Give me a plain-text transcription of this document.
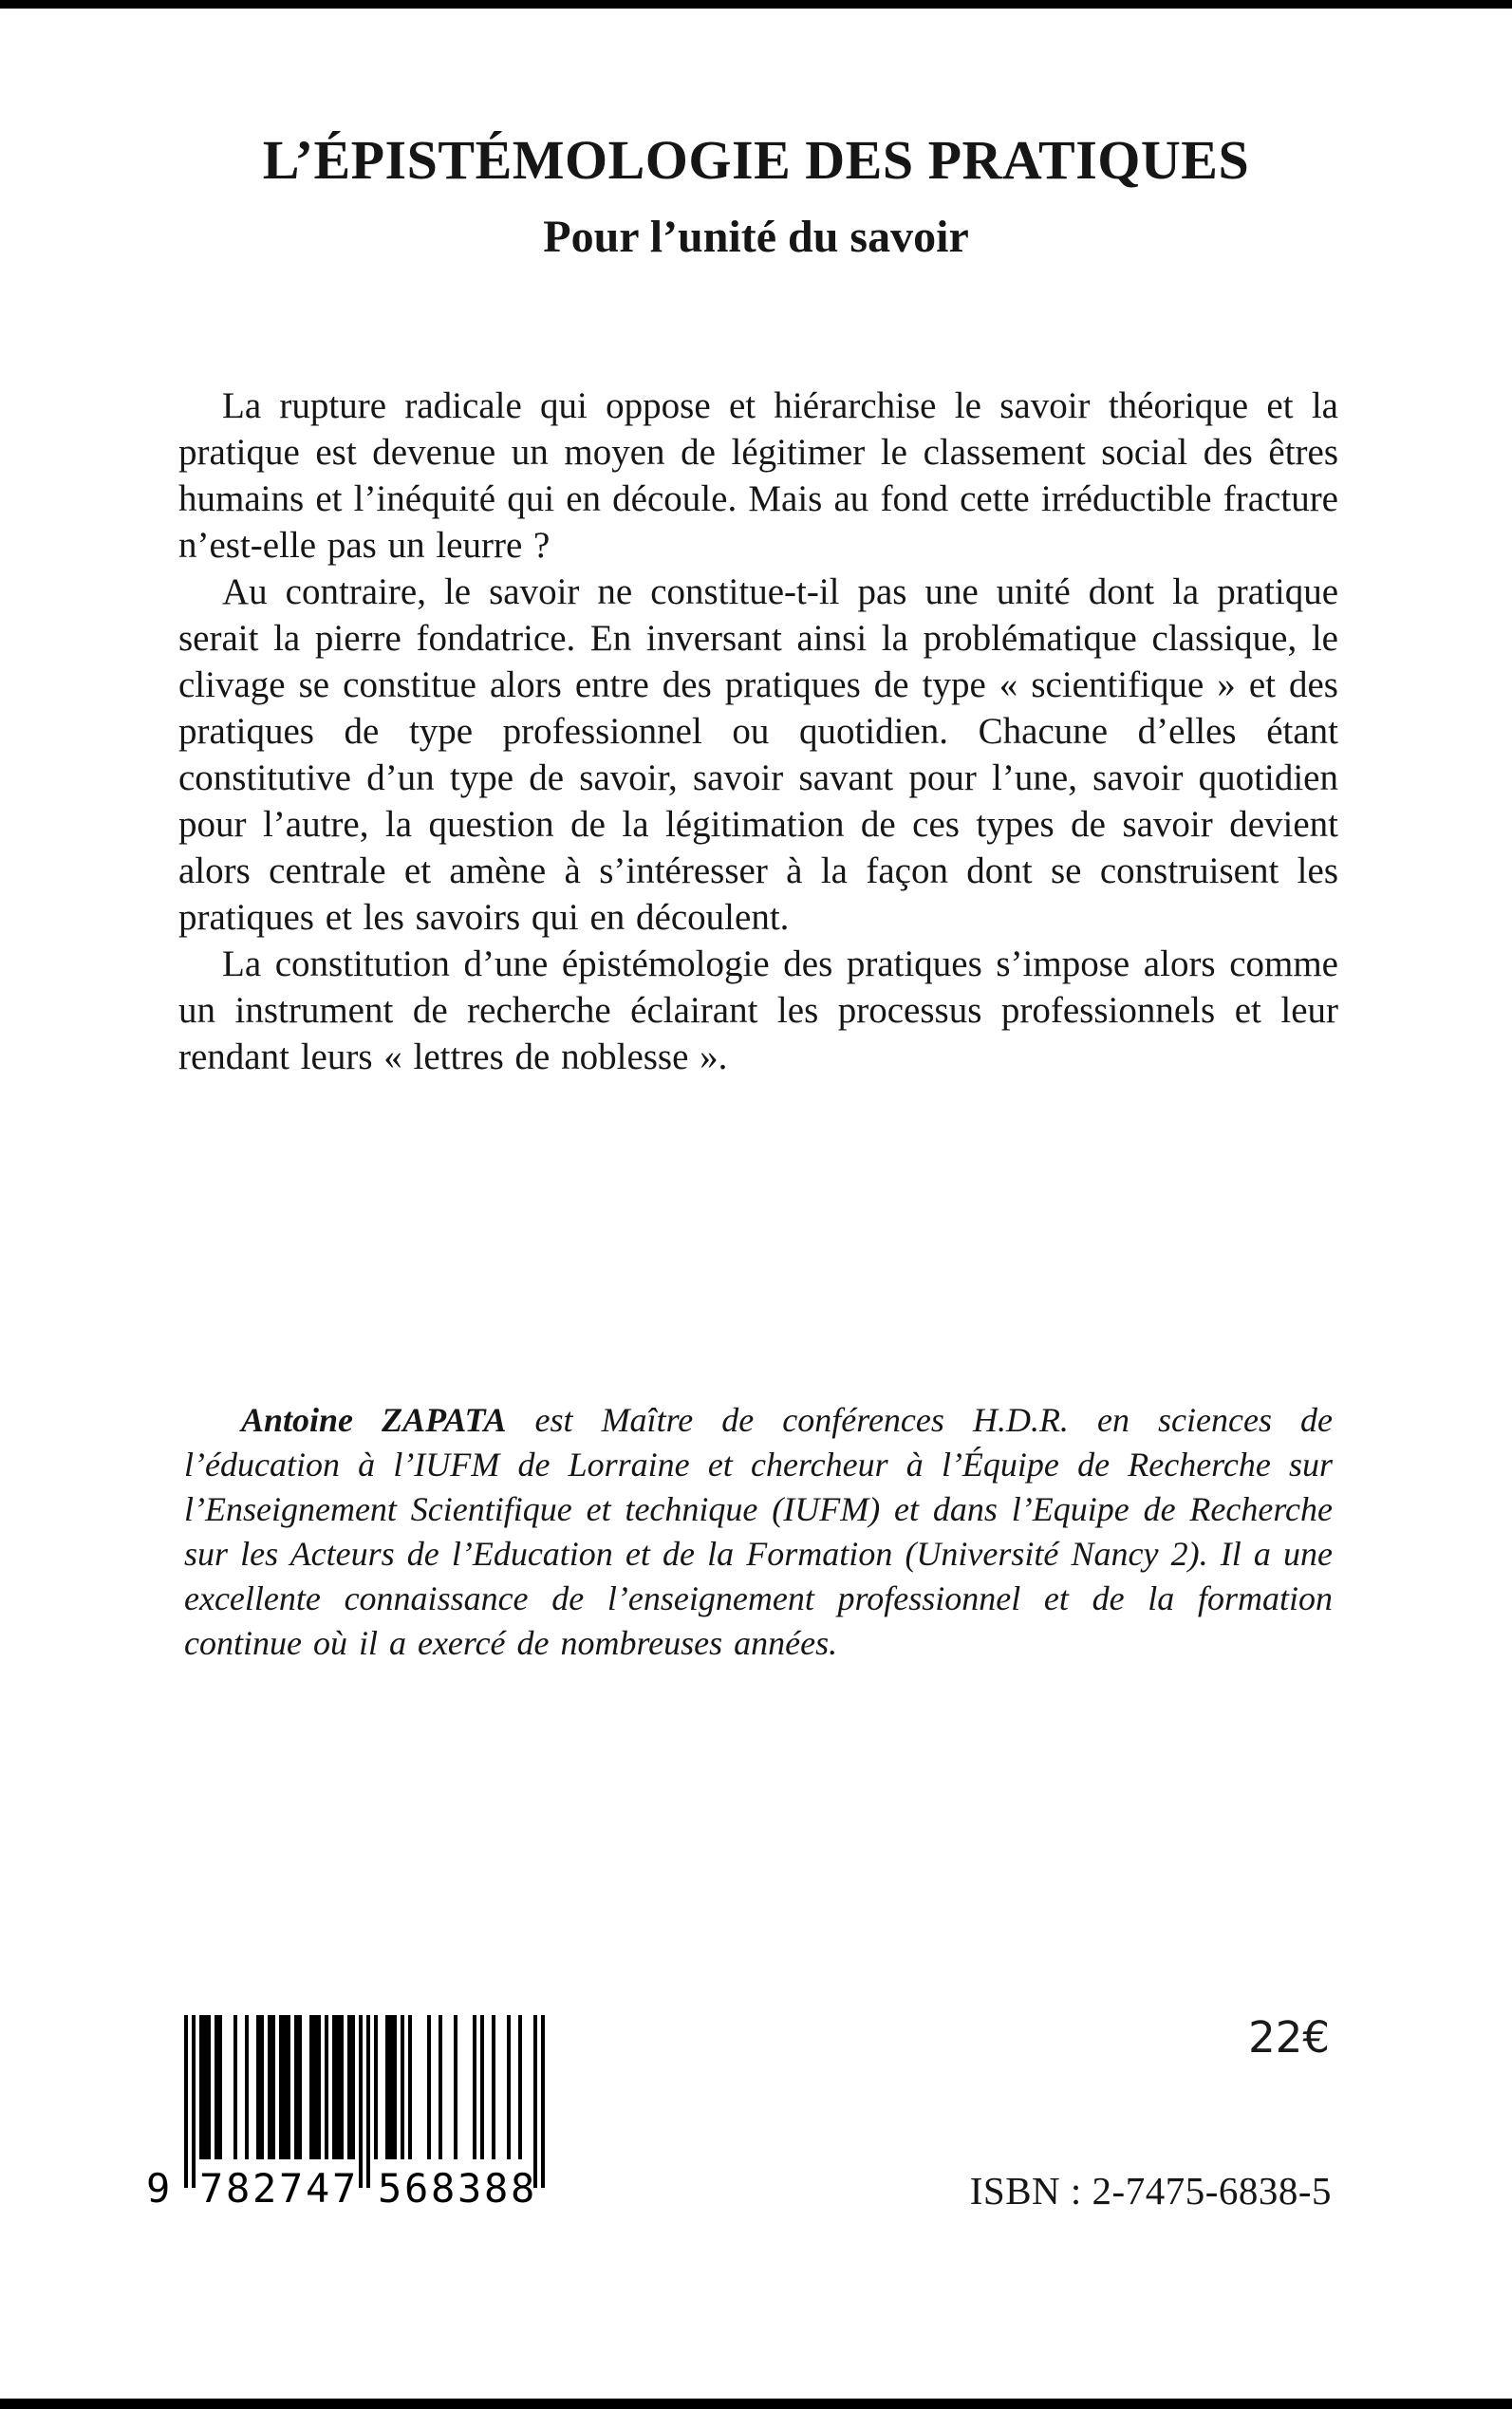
L’ÉPISTÉMOLOGIE DES PRATIQUES
Pour l’unité du savoir

La rupture radicale qui oppose et hiérarchise le savoir théorique et la pratique est devenue un moyen de légitimer le classement social des êtres humains et l’inéquité qui en découle. Mais au fond cette irréductible fracture n’est-elle pas un leurre ?

Au contraire, le savoir ne constitue-t-il pas une unité dont la pratique serait la pierre fondatrice. En inversant ainsi la problématique classique, le clivage se constitue alors entre des pratiques de type « scientifique » et des pratiques de type professionnel ou quotidien. Chacune d’elles étant constitutive d’un type de savoir, savoir savant pour l’une, savoir quotidien pour l’autre, la question de la légitimation de ces types de savoir devient alors centrale et amène à s’intéresser à la façon dont se construisent les pratiques et les savoirs qui en découlent.

La constitution d’une épistémologie des pratiques s’impose alors comme un instrument de recherche éclairant les processus professionnels et leur rendant leurs « lettres de noblesse ».

Antoine ZAPATA est Maître de conférences H.D.R. en sciences de l’éducation à l’IUFM de Lorraine et chercheur à l’Équipe de Recherche sur l’Enseignement Scientifique et technique (IUFM) et dans l’Equipe de Recherche sur les Acteurs de l’Education et de la Formation (Université Nancy 2). Il a une excellente connaissance de l’enseignement professionnel et de la formation continue où il a exercé de nombreuses années.

9 7 8 2 7 4 7 5 6 8 3 8 8
22€
ISBN : 2-7475-6838-5
